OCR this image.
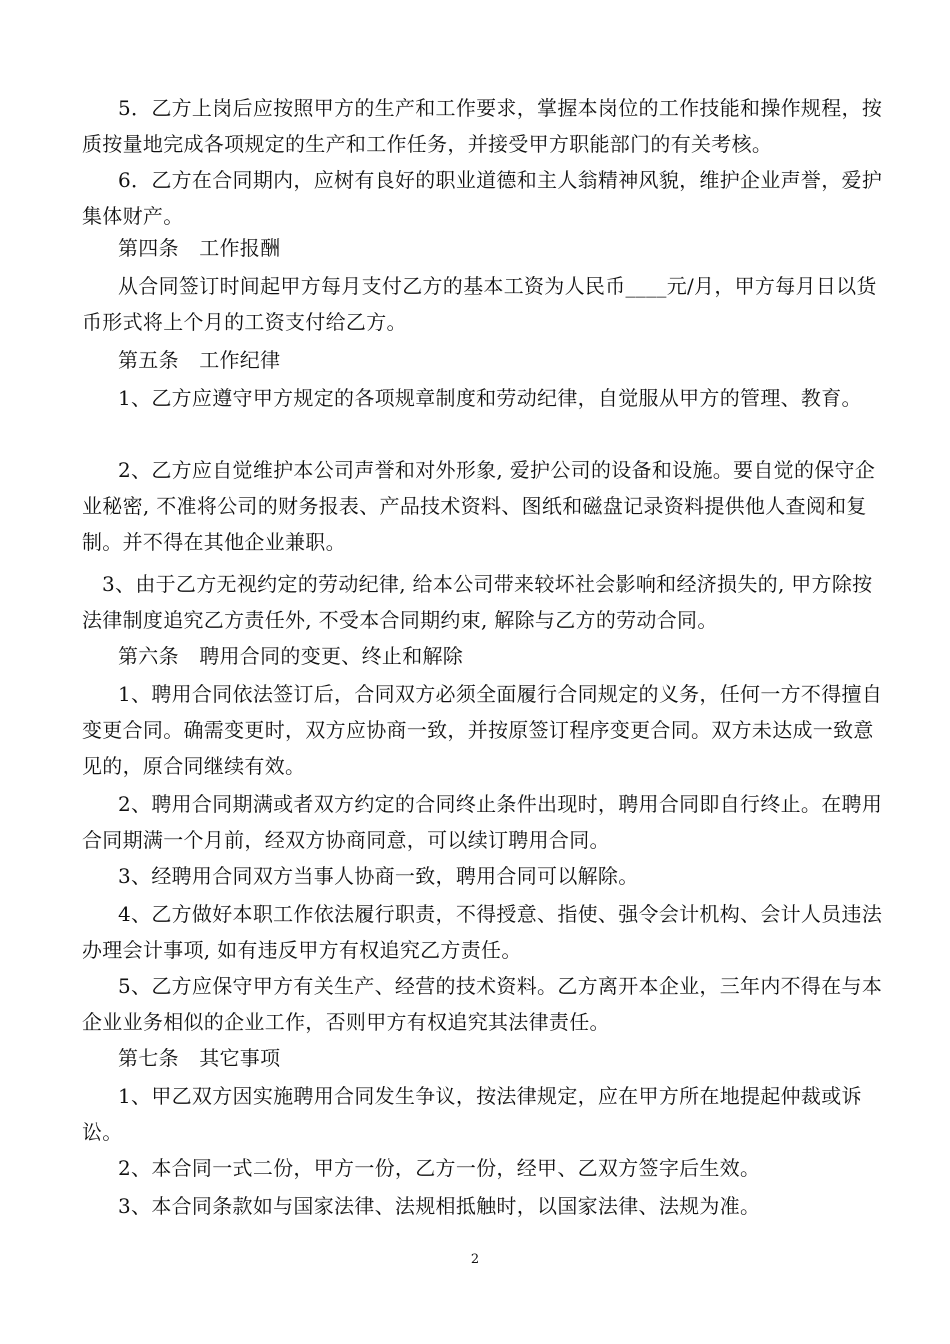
5．乙方上岗后应按照甲方的生产和工作要求，掌握本岗位的工作技能和操作规程，按质按量地完成各项规定的生产和工作任务，并接受甲方职能部门的有关考核。

6．乙方在合同期内，应树有良好的职业道德和主人翁精神风貌，维护企业声誉，爱护集体财产。

第四条　工作报酬

从合同签订时间起甲方每月支付乙方的基本工资为人民币____元/月，甲方每月日以货币形式将上个月的工资支付给乙方。

第五条　工作纪律

1、乙方应遵守甲方规定的各项规章制度和劳动纪律，自觉服从甲方的管理、教育。

2、乙方应自觉维护本公司声誉和对外形象, 爱护公司的设备和设施。要自觉的保守企业秘密, 不准将公司的财务报表、产品技术资料、图纸和磁盘记录资料提供他人查阅和复制。并不得在其他企业兼职。

3、由于乙方无视约定的劳动纪律, 给本公司带来较坏社会影响和经济损失的, 甲方除按法律制度追究乙方责任外, 不受本合同期约束, 解除与乙方的劳动合同。

第六条　聘用合同的变更、终止和解除

1、聘用合同依法签订后，合同双方必须全面履行合同规定的义务，任何一方不得擅自变更合同。确需变更时，双方应协商一致，并按原签订程序变更合同。双方未达成一致意见的，原合同继续有效。

2、聘用合同期满或者双方约定的合同终止条件出现时，聘用合同即自行终止。在聘用合同期满一个月前，经双方协商同意，可以续订聘用合同。

3、经聘用合同双方当事人协商一致，聘用合同可以解除。

4、乙方做好本职工作依法履行职责，不得授意、指使、强令会计机构、会计人员违法办理会计事项, 如有违反甲方有权追究乙方责任。

5、乙方应保守甲方有关生产、经营的技术资料。乙方离开本企业，三年内不得在与本企业业务相似的企业工作，否则甲方有权追究其法律责任。

第七条　其它事项

1、甲乙双方因实施聘用合同发生争议，按法律规定，应在甲方所在地提起仲裁或诉讼。

2、本合同一式二份，甲方一份，乙方一份，经甲、乙双方签字后生效。

3、本合同条款如与国家法律、法规相抵触时，以国家法律、法规为准。

2
